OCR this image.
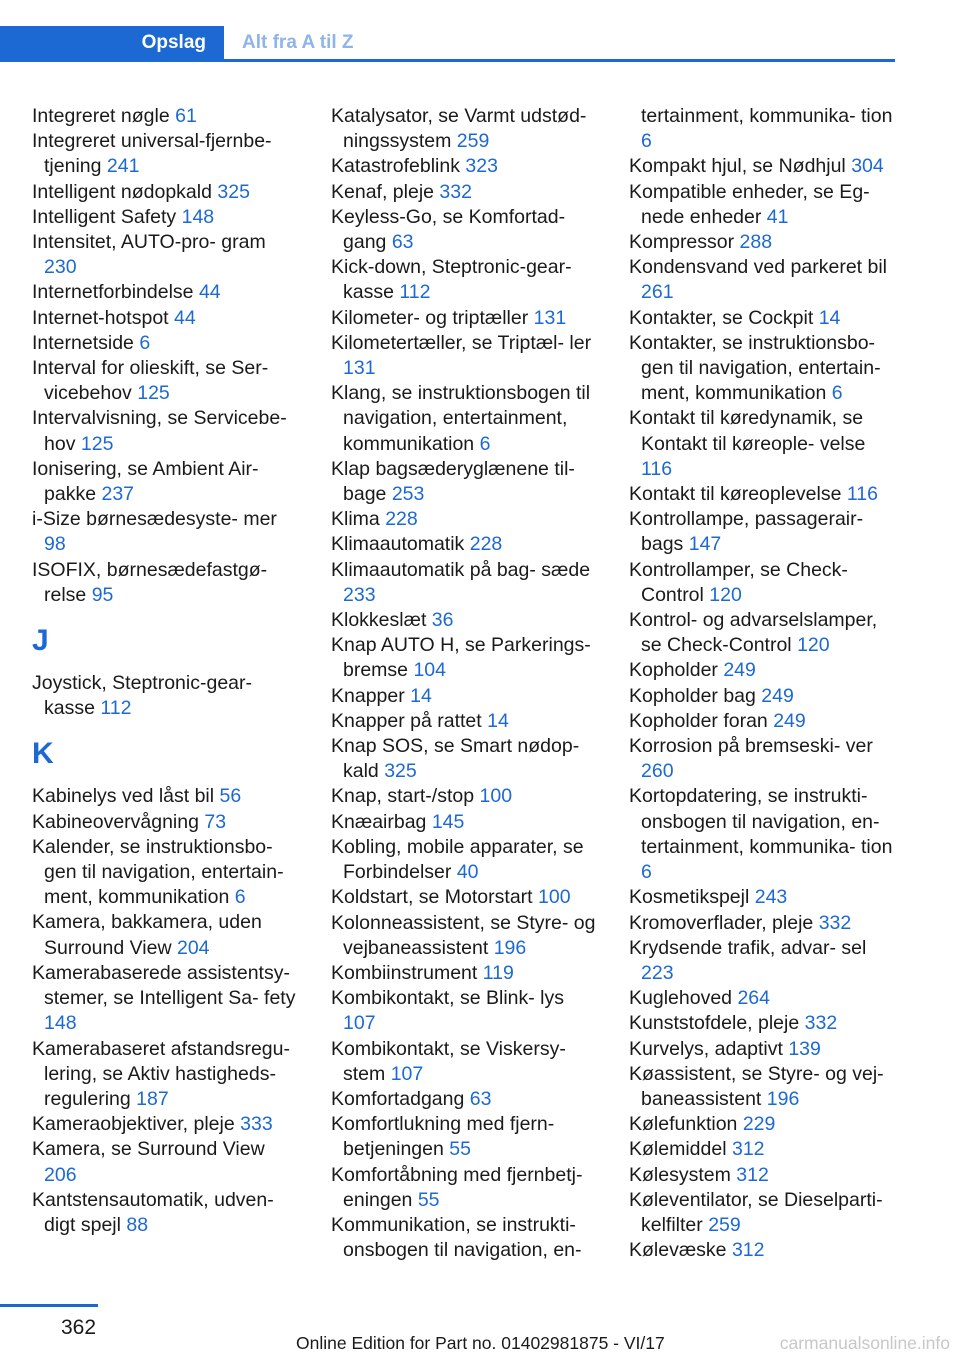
Opslag	Alt fra A til Z
Integreret nøgle 61
Integreret universal-fjernbe‐ tjening 241
Intelligent nødopkald 325
Intelligent Safety 148
Intensitet, AUTO-pro‐ gram 230
Internetforbindelse 44
Internet-hotspot 44
Internetside 6
Interval for olieskift, se Ser‐ vicebehov 125
Intervalvisning, se Servicebe‐ hov 125
Ionisering, se Ambient Air- pakke 237
i-Size børnesædesyste‐ mer 98
ISOFIX, børnesædefastgø‐ relse 95
J
Joystick, Steptronic-gear‐ kasse 112
K
Kabinelys ved låst bil 56
Kabineovervågning 73
Kalender, se instruktionsbo‐ gen til navigation, entertain‐ ment, kommunikation 6
Kamera, bakkamera, uden Surround View 204
Kamerabaserede assistentsy‐ stemer, se Intelligent Sa‐ fety 148
Kamerabaseret afstandsregu‐ lering, se Aktiv hastigheds‐ regulering 187
Kameraobjektiver, pleje 333
Kamera, se Surround View 206
Kantstensautomatik, udven‐ digt spejl 88
Katalysator, se Varmt udstød‐ ningssystem 259
Katastrofeblink 323
Kenaf, pleje 332
Keyless-Go, se Komfortad‐ gang 63
Kick-down, Steptronic-gear‐ kasse 112
Kilometer- og triptæller 131
Kilometertæller, se Triptæl‐ ler 131
Klang, se instruktionsbogen til navigation, entertainment, kommunikation 6
Klap bagsæderyglænene til‐ bage 253
Klima 228
Klimaautomatik 228
Klimaautomatik på bag‐ sæde 233
Klokkeslæt 36
Knap AUTO H, se Parkerings‐ bremse 104
Knapper 14
Knapper på rattet 14
Knap SOS, se Smart nødop‐ kald 325
Knap, start-/stop 100
Knæairbag 145
Kobling, mobile apparater, se Forbindelser 40
Koldstart, se Motorstart 100
Kolonneassistent, se Styre- og vejbaneassistent 196
Kombiinstrument 119
Kombikontakt, se Blink‐ lys 107
Kombikontakt, se Viskersy‐ stem 107
Komfortadgang 63
Komfortlukning med fjern‐ betjeningen 55
Komfortåbning med fjernbetj‐ eningen 55
Kommunikation, se instrukti‐ onsbogen til navigation, en‐
tertainment, kommunika‐ tion 6
Kompakt hjul, se Nødhjul 304
Kompatible enheder, se Eg‐ nede enheder 41
Kompressor 288
Kondensvand ved parkeret bil 261
Kontakter, se Cockpit 14
Kontakter, se instruktionsbo‐ gen til navigation, entertain‐ ment, kommunikation 6
Kontakt til køredynamik, se Kontakt til køreople‐ velse 116
Kontakt til køreoplevelse 116
Kontrollampe, passagerair‐ bags 147
Kontrollamper, se Check- Control 120
Kontrol- og advarselslamper, se Check-Control 120
Kopholder 249
Kopholder bag 249
Kopholder foran 249
Korrosion på bremseski‐ ver 260
Kortopdatering, se instrukti‐ onsbogen til navigation, en‐ tertainment, kommunika‐ tion 6
Kosmetikspejl 243
Kromoverflader, pleje 332
Krydsende trafik, advar‐ sel 223
Kuglehoved 264
Kunststofdele, pleje 332
Kurvelys, adaptivt 139
Køassistent, se Styre- og vej‐ baneassistent 196
Kølefunktion 229
Kølemiddel 312
Kølesystem 312
Køleventilator, se Dieselparti‐ kelfilter 259
Kølevæske 312
362
Online Edition for Part no. 01402981875 - VI/17	carmanualsonline.info
